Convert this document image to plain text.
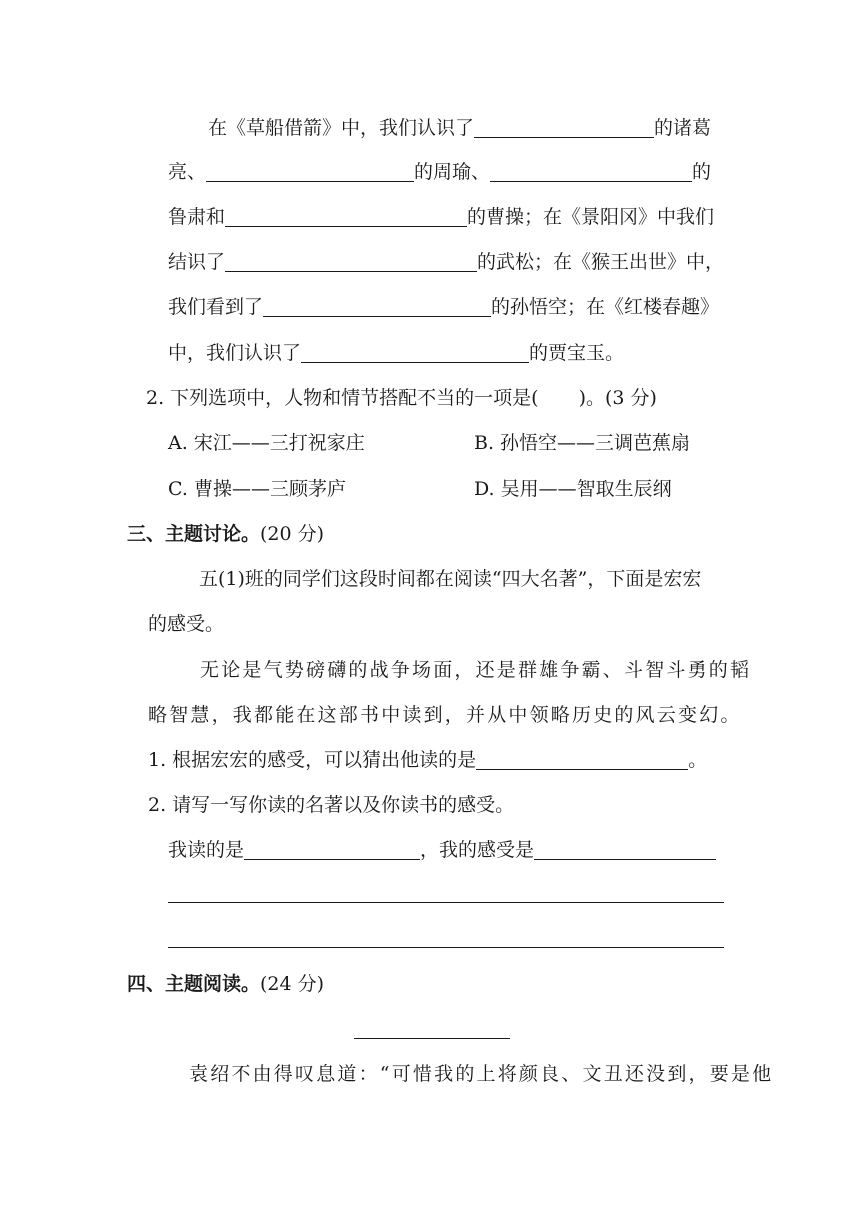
在《草船借箭》中，我们认识了	的诸葛
亮、	的周瑜、	的
鲁肃和	的曹操；在《景阳冈》中我们
结识了	的武松；在《猴王出世》中，
我们看到了	的孙悟空；在《红楼春趣》
中，我们认识了	的贾宝玉。
2. 下列选项中，人物和情节搭配不当的一项是( )。(3 分)
A. 宋江——三打祝家庄	B. 孙悟空——三调芭蕉扇
C. 曹操——三顾茅庐	D. 吴用——智取生辰纲
三、主题讨论。(20 分)
五(1)班的同学们这段时间都在阅读“四大名著”，下面是宏宏
的感受。
无论是气势磅礴的战争场面，还是群雄争霸、斗智斗勇的韬
略智慧，我都能在这部书中读到，并从中领略历史的风云变幻。
1. 根据宏宏的感受，可以猜出他读的是	。
2. 请写一写你读的名著以及你读书的感受。
我读的是	，我的感受是
四、主题阅读。(24 分)
袁绍不由得叹息道：“可惜我的上将颜良、文丑还没到，要是他
